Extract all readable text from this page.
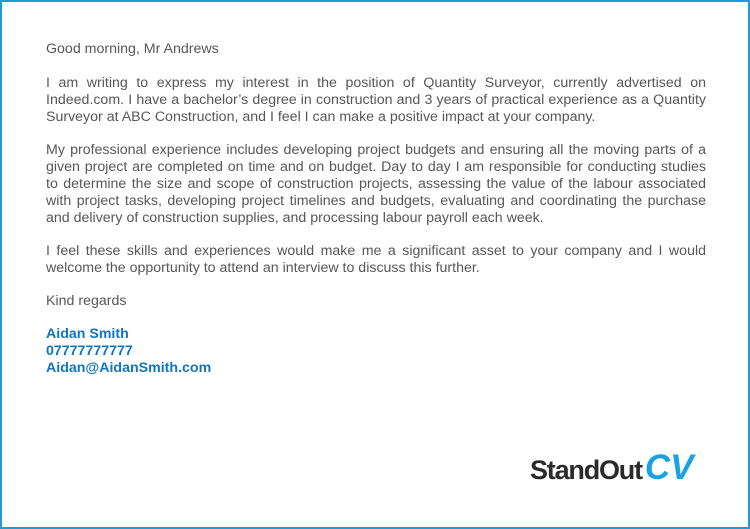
Good morning, Mr Andrews

I am writing to express my interest in the position of Quantity Surveyor, currently advertised on Indeed.com. I have a bachelor’s degree in construction and 3 years of practical experience as a Quantity Surveyor at ABC Construction, and I feel I can make a positive impact at your company.

My professional experience includes developing project budgets and ensuring all the moving parts of a given project are completed on time and on budget. Day to day I am responsible for conducting studies to determine the size and scope of construction projects, assessing the value of the labour associated with project tasks, developing project timelines and budgets, evaluating and coordinating the purchase and delivery of construction supplies, and processing labour payroll each week.

I feel these skills and experiences would make me a significant asset to your company and I would welcome the opportunity to attend an interview to discuss this further.

Kind regards

Aidan Smith
07777777777
Aidan@AidanSmith.com
StandOutCV
